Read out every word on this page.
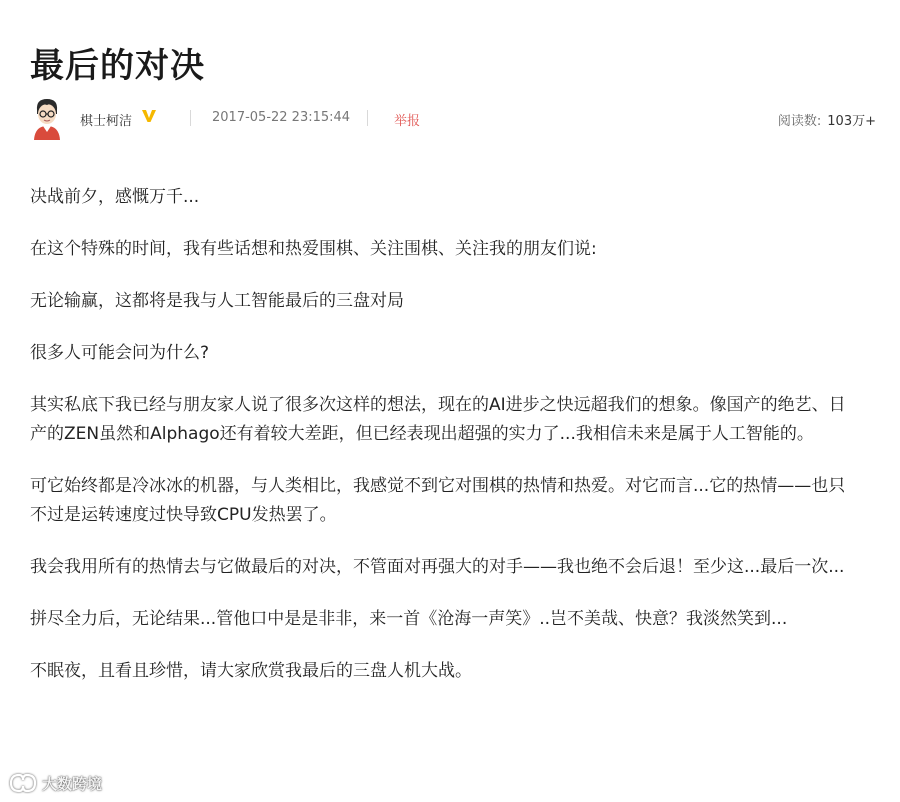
最后的对决
棋士柯洁	2017-05-22 23:15:44	举报	阅读数: 103万+

决战前夕，感慨万千...

在这个特殊的时间，我有些话想和热爱围棋、关注围棋、关注我的朋友们说:

无论输赢，这都将是我与人工智能最后的三盘对局

很多人可能会问为什么?

其实私底下我已经与朋友家人说了很多次这样的想法，现在的AI进步之快远超我们的想象。像国产的绝艺、日产的ZEN虽然和Alphago还有着较大差距，但已经表现出超强的实力了...我相信未来是属于人工智能的。

可它始终都是冷冰冰的机器，与人类相比，我感觉不到它对围棋的热情和热爱。对它而言...它的热情——也只不过是运转速度过快导致CPU发热罢了。

我会我用所有的热情去与它做最后的对决，不管面对再强大的对手——我也绝不会后退！至少这...最后一次...

拼尽全力后，无论结果...管他口中是是非非，来一首《沧海一声笑》..岂不美哉、快意？我淡然笑到...

不眠夜，且看且珍惜，请大家欣赏我最后的三盘人机大战。

大数跨境
